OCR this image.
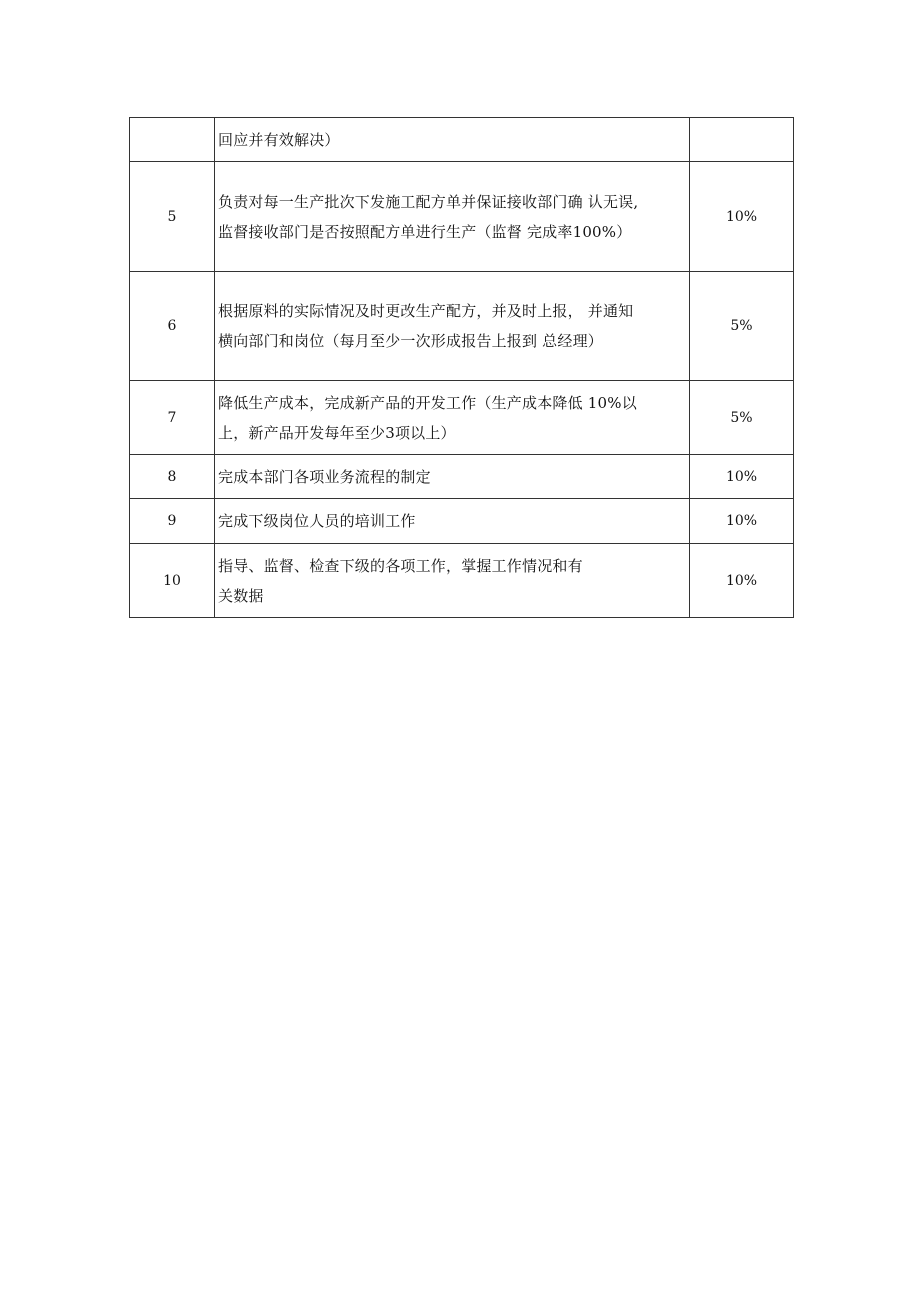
	回应并有效解决）	

5	负责对每一生产批次下发施工配方单并保证接收部门确 认无误,
监督接收部门是否按照配方单进行生产（监督 完成率100%）	10%
6	根据原料的实际情况及时更改生产配方，并及时上报， 并通知
横向部门和岗位（每月至少一次形成报告上报到 总经理）	5%
7	降低生产成本，完成新产品的开发工作（生产成本降低 10%以
上，新产品开发每年至少3项以上）	5%
8	完成本部门各项业务流程的制定	10%
9	完成下级岗位人员的培训工作	10%
10	指导、监督、检查下级的各项工作，掌握工作情况和有
关数据	10%
